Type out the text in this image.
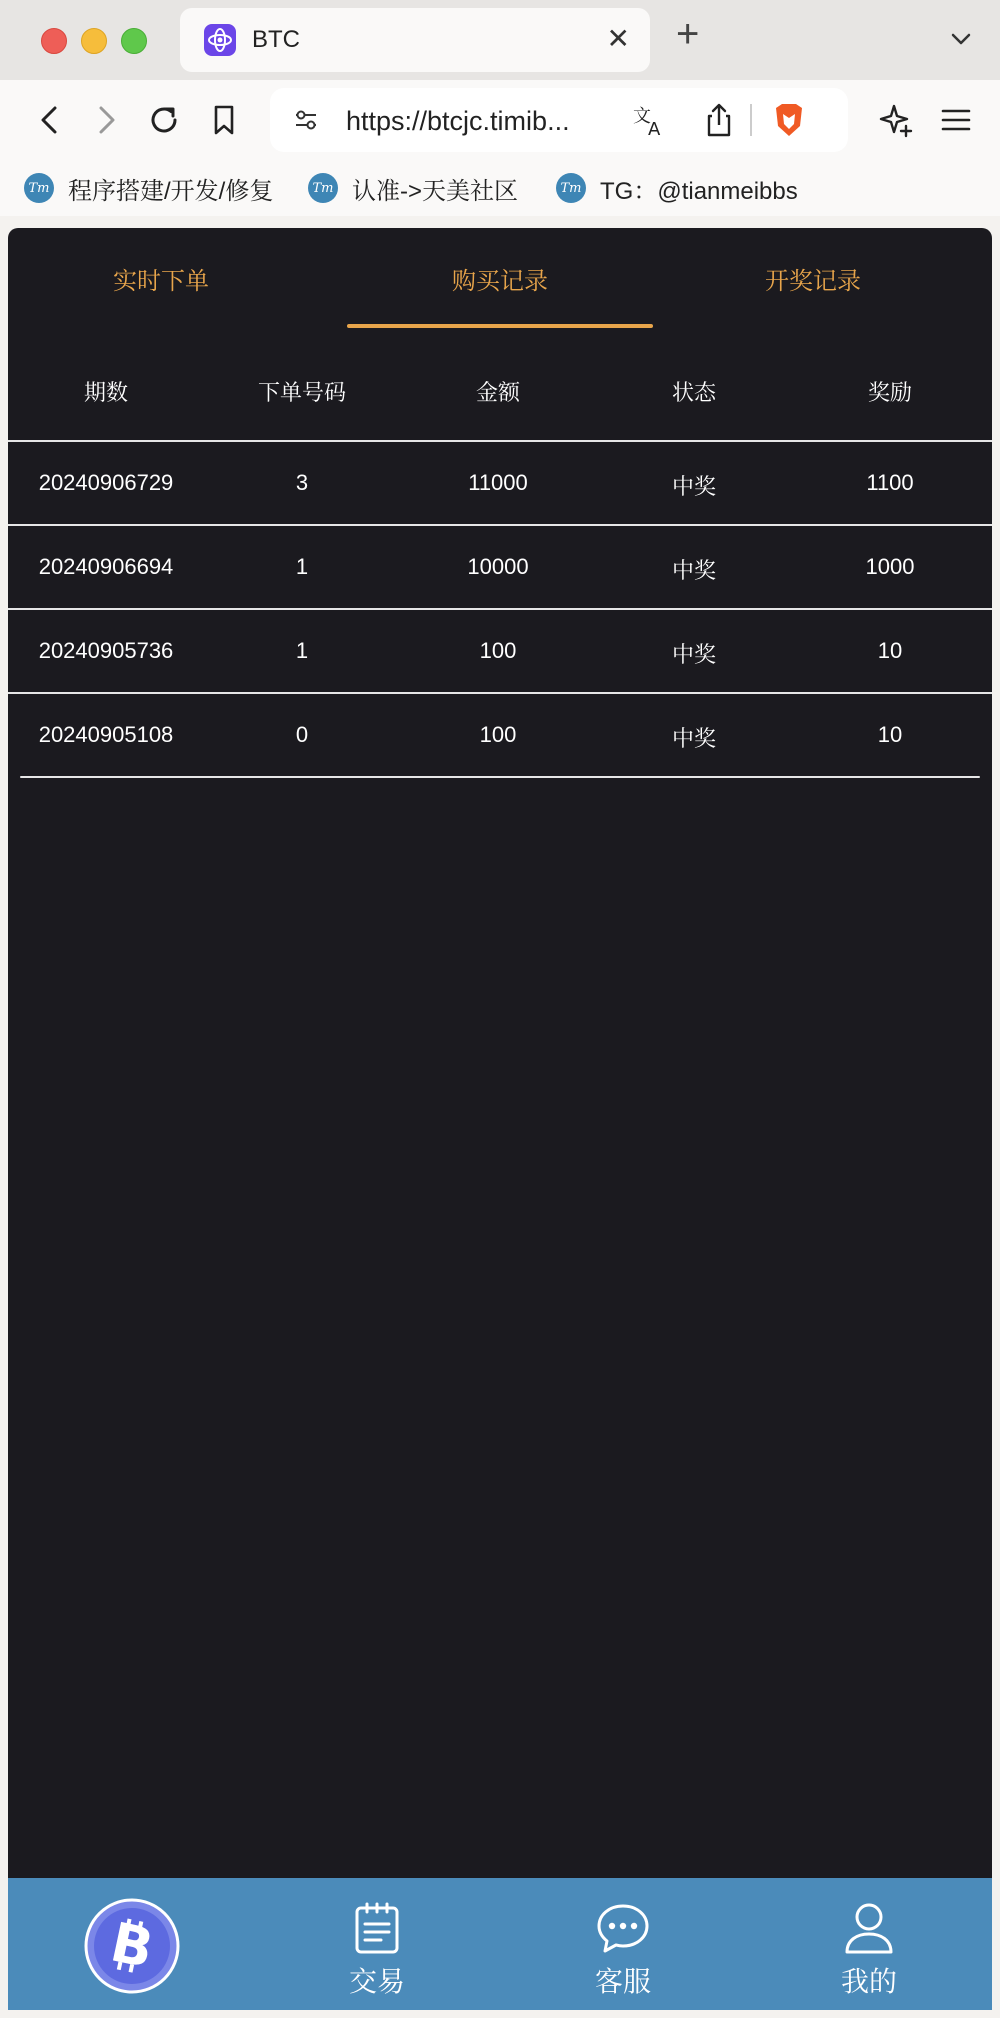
BTC	✕ +
https://btcjc.timib...	文
A
Tm 程序搭建/开发/修复	Tm 认准->天美社区	Tm TG：@tianmeibbs
实时下单	购买记录	开奖记录
期数	下单号码	金额	状态	奖励
20240906729	3	11000	中奖	1100
20240906694	1	10000	中奖	1000
20240905736	1	100	中奖	10
20240905108	0	100	中奖	10
B
交易	客服	我的
